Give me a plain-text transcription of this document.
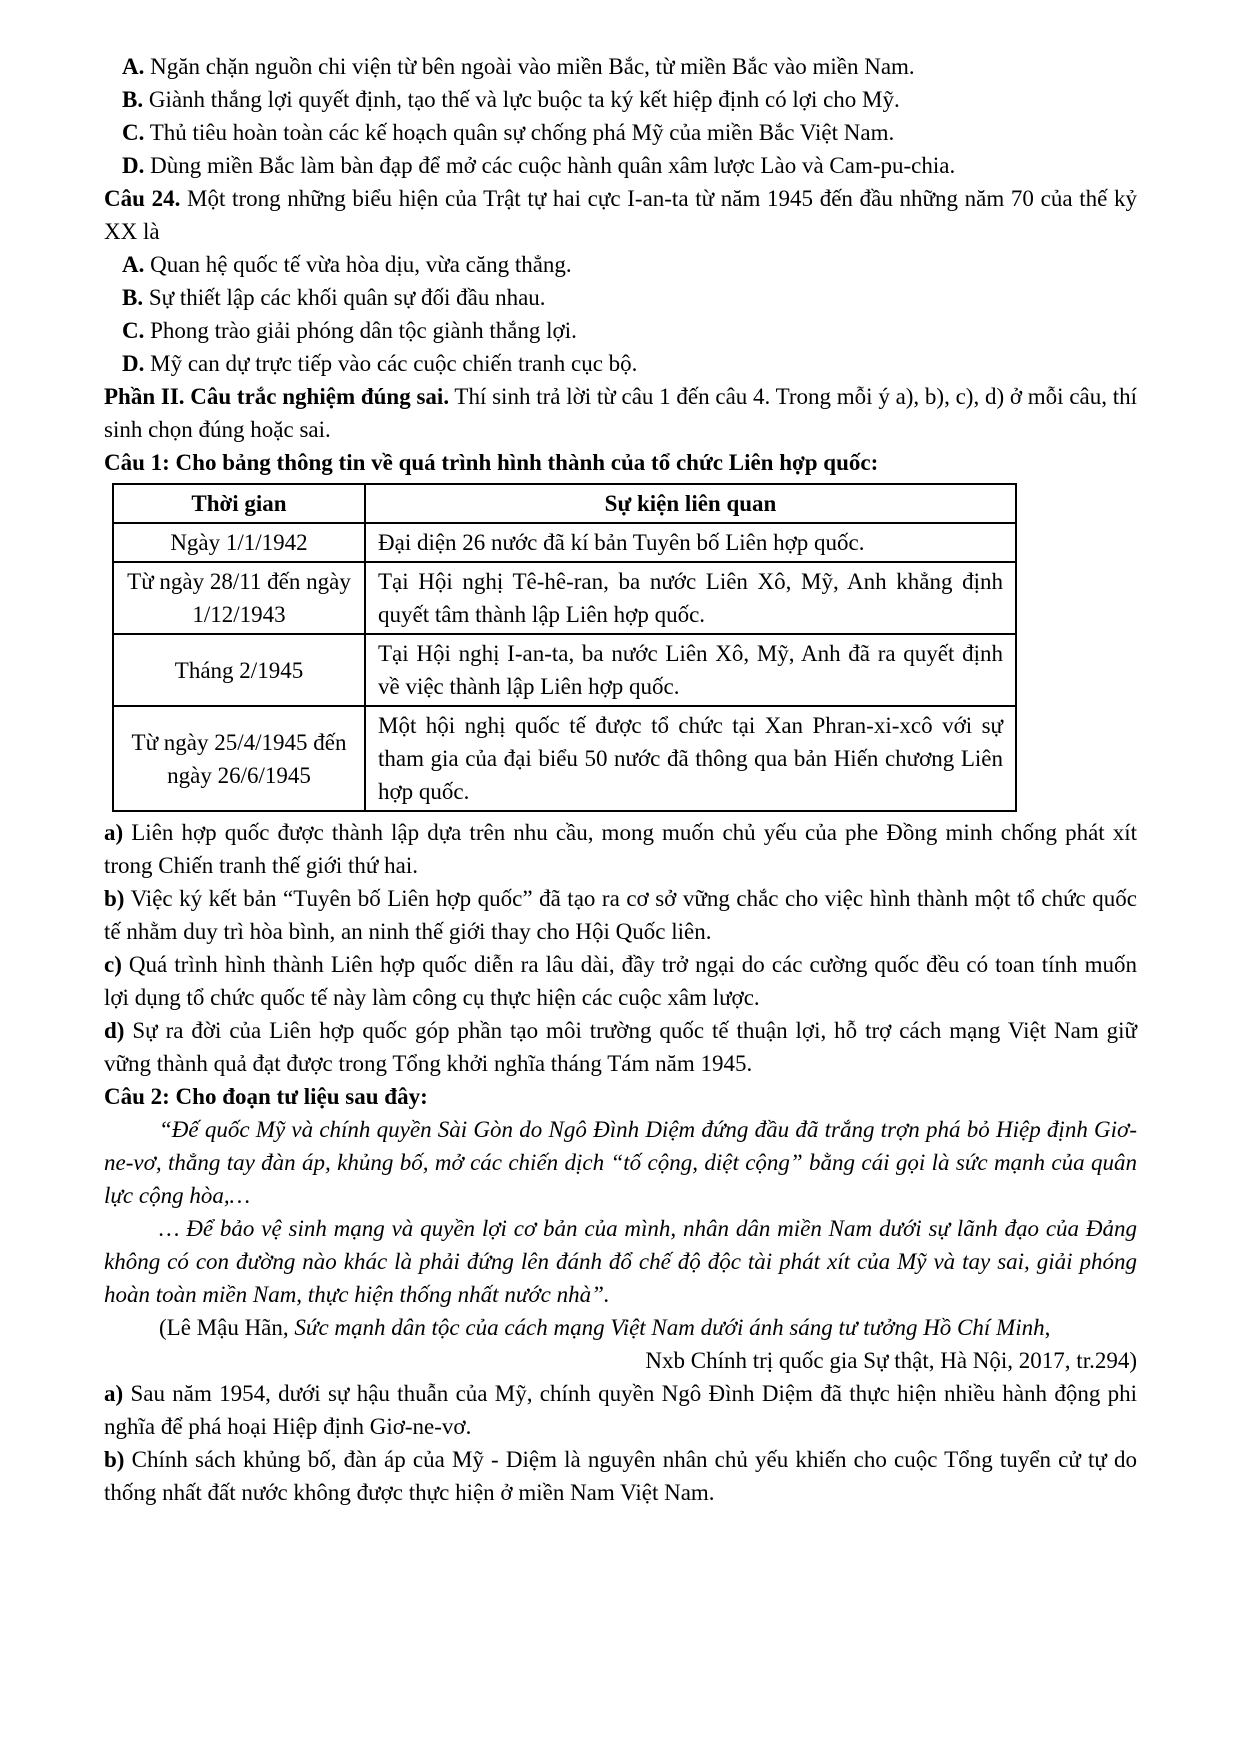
A. Ngăn chặn nguồn chi viện từ bên ngoài vào miền Bắc, từ miền Bắc vào miền Nam.

B. Giành thắng lợi quyết định, tạo thế và lực buộc ta ký kết hiệp định có lợi cho Mỹ.

C. Thủ tiêu hoàn toàn các kế hoạch quân sự chống phá Mỹ của miền Bắc Việt Nam.

D. Dùng miền Bắc làm bàn đạp để mở các cuộc hành quân xâm lược Lào và Cam-pu-chia.

Câu 24. Một trong những biểu hiện của Trật tự hai cực I-an-ta từ năm 1945 đến đầu những năm 70 của thế kỷ XX là

A. Quan hệ quốc tế vừa hòa dịu, vừa căng thẳng.

B. Sự thiết lập các khối quân sự đối đầu nhau.

C. Phong trào giải phóng dân tộc giành thắng lợi.

D. Mỹ can dự trực tiếp vào các cuộc chiến tranh cục bộ.

Phần II. Câu trắc nghiệm đúng sai. Thí sinh trả lời từ câu 1 đến câu 4. Trong mỗi ý a), b), c), d) ở mỗi câu, thí sinh chọn đúng hoặc sai.

Câu 1: Cho bảng thông tin về quá trình hình thành của tổ chức Liên hợp quốc:

Thời gian	Sự kiện liên quan
Ngày 1/1/1942	Đại diện 26 nước đã kí bản Tuyên bố Liên hợp quốc.
Từ ngày 28/11 đến ngày 1/12/1943	Tại Hội nghị Tê-hê-ran, ba nước Liên Xô, Mỹ, Anh khẳng định quyết tâm thành lập Liên hợp quốc.
Tháng 2/1945	Tại Hội nghị I-an-ta, ba nước Liên Xô, Mỹ, Anh đã ra quyết định về việc thành lập Liên hợp quốc.
Từ ngày 25/4/1945 đến ngày 26/6/1945	Một hội nghị quốc tế được tổ chức tại Xan Phran-xi-xcô với sự tham gia của đại biểu 50 nước đã thông qua bản Hiến chương Liên hợp quốc.

a) Liên hợp quốc được thành lập dựa trên nhu cầu, mong muốn chủ yếu của phe Đồng minh chống phát xít trong Chiến tranh thế giới thứ hai.

b) Việc ký kết bản “Tuyên bố Liên hợp quốc” đã tạo ra cơ sở vững chắc cho việc hình thành một tổ chức quốc tế nhằm duy trì hòa bình, an ninh thế giới thay cho Hội Quốc liên.

c) Quá trình hình thành Liên hợp quốc diễn ra lâu dài, đầy trở ngại do các cường quốc đều có toan tính muốn lợi dụng tổ chức quốc tế này làm công cụ thực hiện các cuộc xâm lược.

d) Sự ra đời của Liên hợp quốc góp phần tạo môi trường quốc tế thuận lợi, hỗ trợ cách mạng Việt Nam giữ vững thành quả đạt được trong Tổng khởi nghĩa tháng Tám năm 1945.

Câu 2: Cho đoạn tư liệu sau đây:

“Đế quốc Mỹ và chính quyền Sài Gòn do Ngô Đình Diệm đứng đầu đã trắng trợn phá bỏ Hiệp định Giơ-ne-vơ, thẳng tay đàn áp, khủng bố, mở các chiến dịch “tố cộng, diệt cộng” bằng cái gọi là sức mạnh của quân lực cộng hòa,…

… Để bảo vệ sinh mạng và quyền lợi cơ bản của mình, nhân dân miền Nam dưới sự lãnh đạo của Đảng không có con đường nào khác là phải đứng lên đánh đổ chế độ độc tài phát xít của Mỹ và tay sai, giải phóng hoàn toàn miền Nam, thực hiện thống nhất nước nhà”.

(Lê Mậu Hãn, Sức mạnh dân tộc của cách mạng Việt Nam dưới ánh sáng tư tưởng Hồ Chí Minh,

Nxb Chính trị quốc gia Sự thật, Hà Nội, 2017, tr.294)

a) Sau năm 1954, dưới sự hậu thuẫn của Mỹ, chính quyền Ngô Đình Diệm đã thực hiện nhiều hành động phi nghĩa để phá hoại Hiệp định Giơ-ne-vơ.

b) Chính sách khủng bố, đàn áp của Mỹ - Diệm là nguyên nhân chủ yếu khiến cho cuộc Tổng tuyển cử tự do thống nhất đất nước không được thực hiện ở miền Nam Việt Nam.
